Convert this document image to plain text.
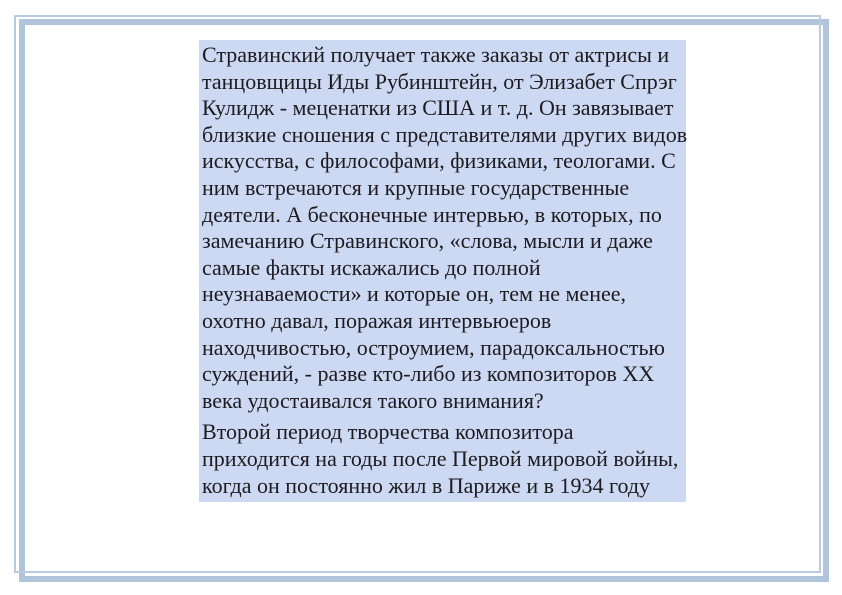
Стравинский получает также заказы от актрисы и
танцовщицы Иды Рубинштейн, от Элизабет Спрэг
Кулидж - меценатки из США и т. д. Он завязывает
близкие сношения с представителями других видов
искусства, с философами, физиками, теологами. С
ним встречаются и крупные государственные
деятели. А бесконечные интервью, в которых, по
замечанию Стравинского, «слова, мысли и даже
самые факты искажались до полной
неузнаваемости» и которые он, тем не менее,
охотно давал, поражая интервьюеров
находчивостью, остроумием, парадоксальностью
суждений, - разве кто-либо из композиторов XX
века удостаивался такого внимания?
Второй период творчества композитора
приходится на годы после Первой мировой войны,
когда он постоянно жил в Париже и в 1934 году
